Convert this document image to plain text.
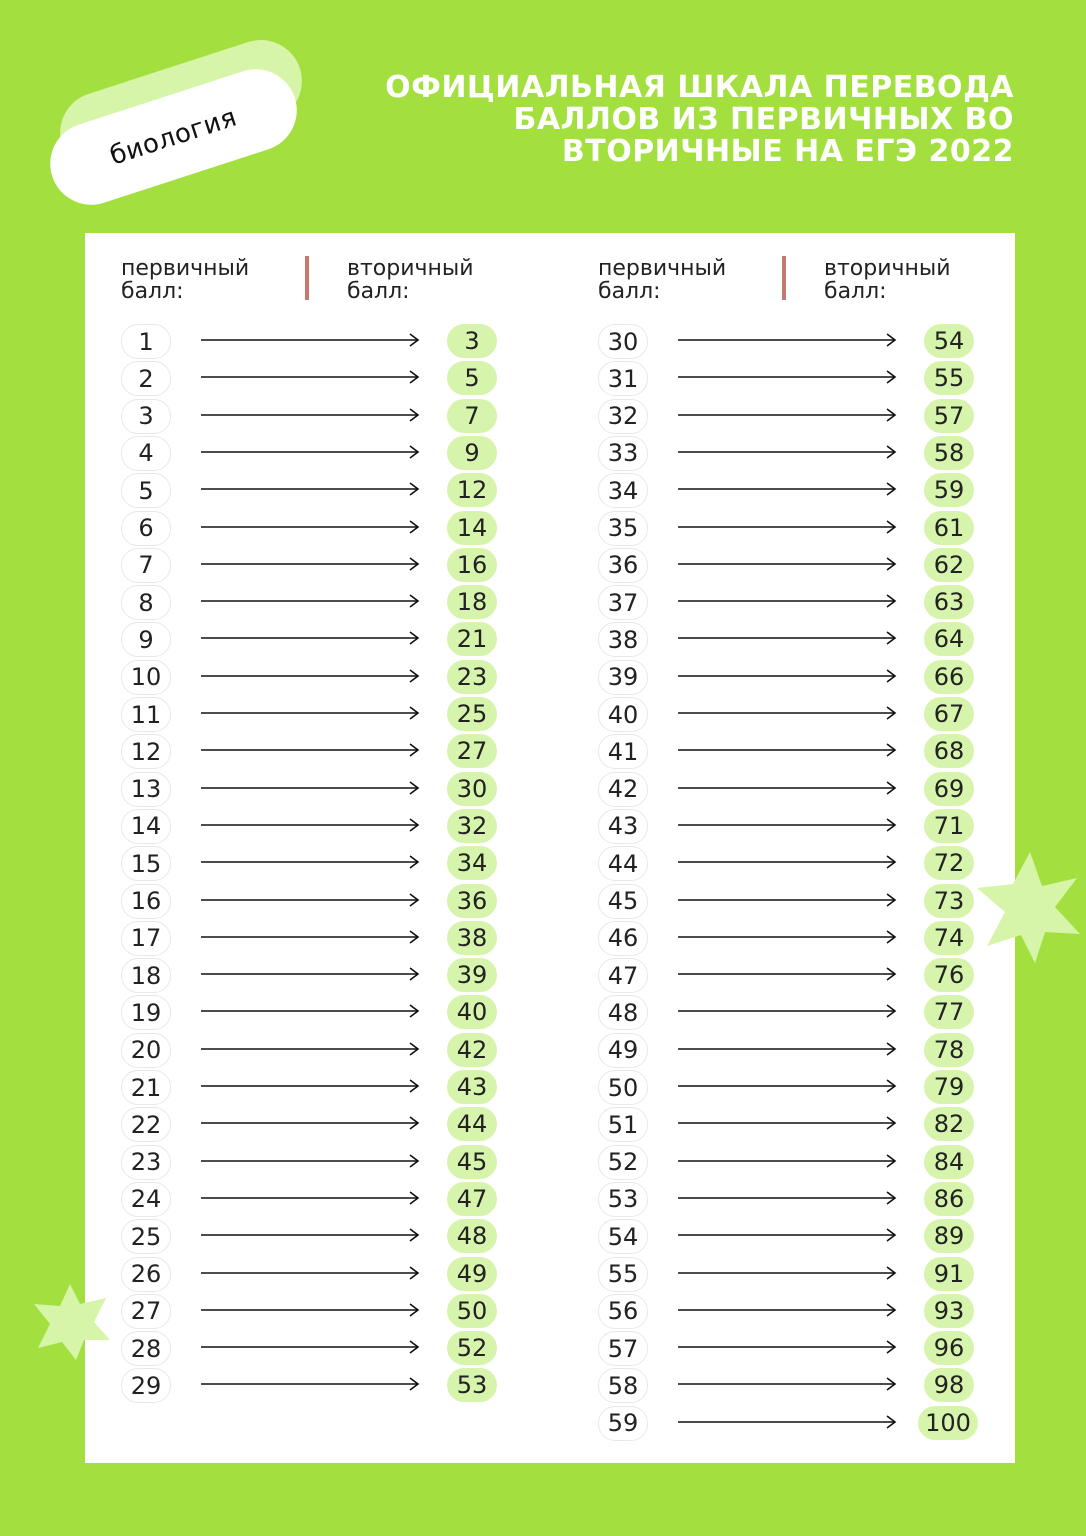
биология
ОФИЦИАЛЬНАЯ ШКАЛА ПЕРЕВОДА
БАЛЛОВ ИЗ ПЕРВИЧНЫХ ВО
ВТОРИЧНЫЕ НА ЕГЭ 2022
первичный
балл:
вторичный
балл:
1	3
2	5
3	7
4	9
5	12
6	14
7	16
8	18
9	21
10	23
11	25
12	27
13	30
14	32
15	34
16	36
17	38
18	39
19	40
20	42
21	43
22	44
23	45
24	47
25	48
26	49
27	50
28	52
29	53
первичный
балл:
вторичный
балл:
30	54
31	55
32	57
33	58
34	59
35	61
36	62
37	63
38	64
39	66
40	67
41	68
42	69
43	71
44	72
45	73
46	74
47	76
48	77
49	78
50	79
51	82
52	84
53	86
54	89
55	91
56	93
57	96
58	98
59	100
